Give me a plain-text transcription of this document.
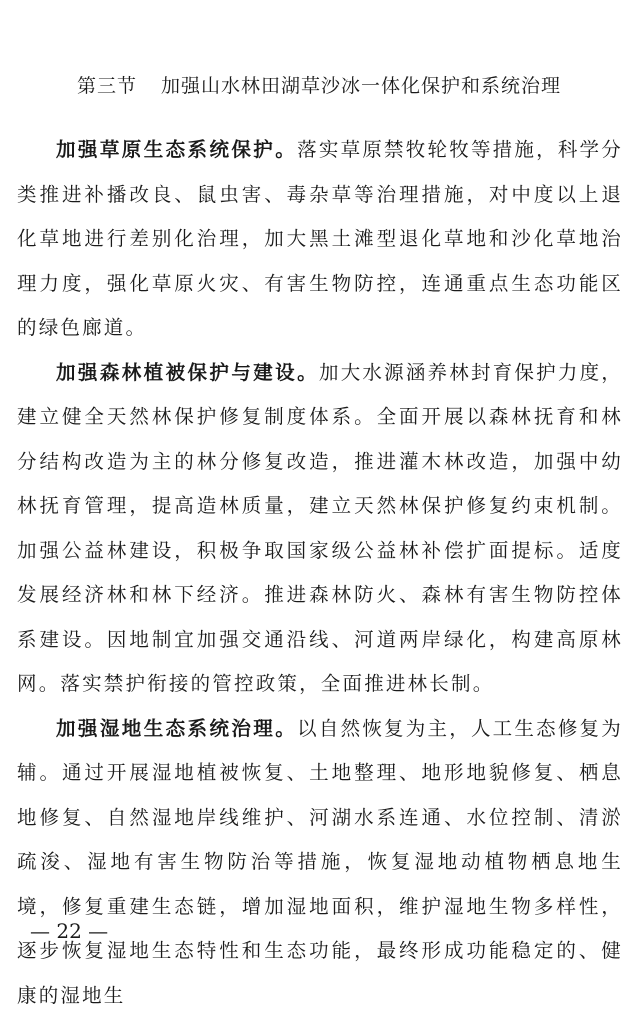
第三节 加强山水林田湖草沙冰一体化保护和系统治理

加强草原生态系统保护。落实草原禁牧轮牧等措施，科学分类推进补播改良、鼠虫害、毒杂草等治理措施，对中度以上退化草地进行差别化治理，加大黑土滩型退化草地和沙化草地治理力度，强化草原火灾、有害生物防控，连通重点生态功能区的绿色廊道。

加强森林植被保护与建设。加大水源涵养林封育保护力度，建立健全天然林保护修复制度体系。全面开展以森林抚育和林分结构改造为主的林分修复改造，推进灌木林改造，加强中幼林抚育管理，提高造林质量，建立天然林保护修复约束机制。加强公益林建设，积极争取国家级公益林补偿扩面提标。适度发展经济林和林下经济。推进森林防火、森林有害生物防控体系建设。因地制宜加强交通沿线、河道两岸绿化，构建高原林网。落实禁护衔接的管控政策，全面推进林长制。

加强湿地生态系统治理。以自然恢复为主，人工生态修复为辅。通过开展湿地植被恢复、土地整理、地形地貌修复、栖息地修复、自然湿地岸线维护、河湖水系连通、水位控制、清淤疏浚、湿地有害生物防治等措施，恢复湿地动植物栖息地生境，修复重建生态链，增加湿地面积，维护湿地生物多样性，逐步恢复湿地生态特性和生态功能，最终形成功能稳定的、健康的湿地生

— 22 —
